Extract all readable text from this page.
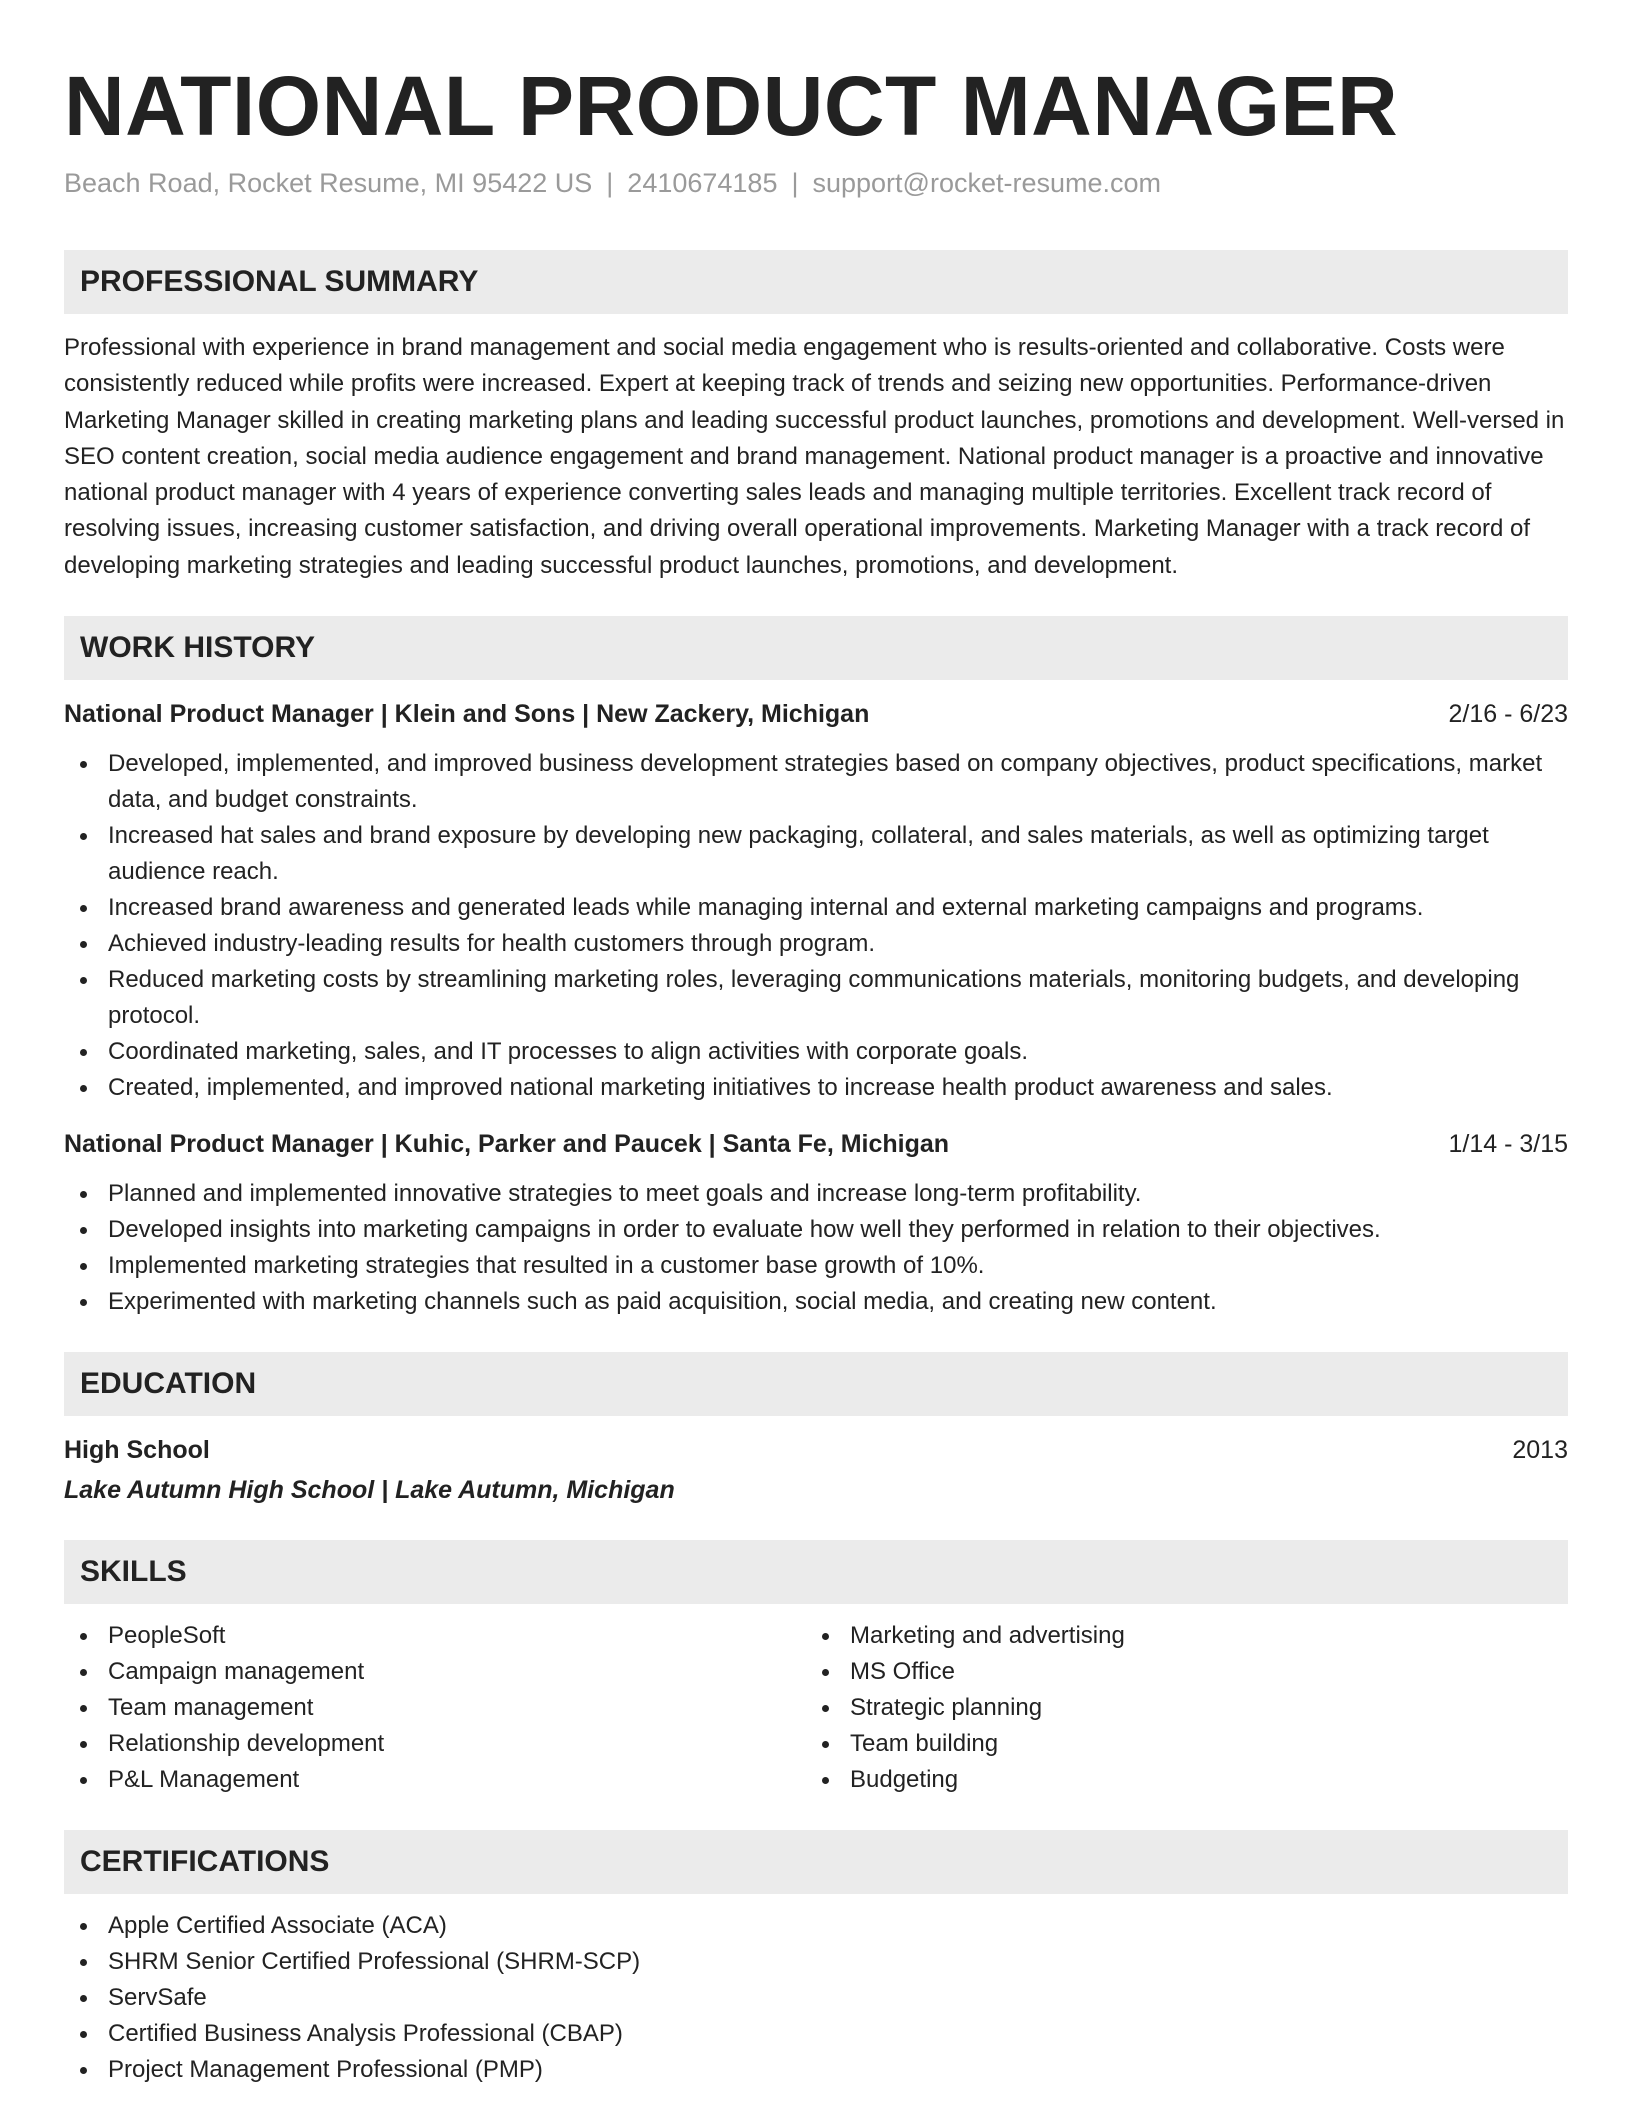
NATIONAL PRODUCT MANAGER
Beach Road, Rocket Resume, MI 95422 US | 2410674185 | support@rocket-resume.com
PROFESSIONAL SUMMARY
Professional with experience in brand management and social media engagement who is results-oriented and collaborative. Costs were consistently reduced while profits were increased. Expert at keeping track of trends and seizing new opportunities. Performance-driven Marketing Manager skilled in creating marketing plans and leading successful product launches, promotions and development. Well-versed in SEO content creation, social media audience engagement and brand management. National product manager is a proactive and innovative national product manager with 4 years of experience converting sales leads and managing multiple territories. Excellent track record of resolving issues, increasing customer satisfaction, and driving overall operational improvements. Marketing Manager with a track record of developing marketing strategies and leading successful product launches, promotions, and development.
WORK HISTORY
National Product Manager | Klein and Sons | New Zackery, Michigan	2/16 - 6/23
Developed, implemented, and improved business development strategies based on company objectives, product specifications, market data, and budget constraints.
Increased hat sales and brand exposure by developing new packaging, collateral, and sales materials, as well as optimizing target audience reach.
Increased brand awareness and generated leads while managing internal and external marketing campaigns and programs.
Achieved industry-leading results for health customers through program.
Reduced marketing costs by streamlining marketing roles, leveraging communications materials, monitoring budgets, and developing protocol.
Coordinated marketing, sales, and IT processes to align activities with corporate goals.
Created, implemented, and improved national marketing initiatives to increase health product awareness and sales.
National Product Manager | Kuhic, Parker and Paucek | Santa Fe, Michigan	1/14 - 3/15
Planned and implemented innovative strategies to meet goals and increase long-term profitability.
Developed insights into marketing campaigns in order to evaluate how well they performed in relation to their objectives.
Implemented marketing strategies that resulted in a customer base growth of 10%.
Experimented with marketing channels such as paid acquisition, social media, and creating new content.
EDUCATION
High School	2013
Lake Autumn High School | Lake Autumn, Michigan
SKILLS
PeopleSoft
Campaign management
Team management
Relationship development
P&L Management
Marketing and advertising
MS Office
Strategic planning
Team building
Budgeting
CERTIFICATIONS
Apple Certified Associate (ACA)
SHRM Senior Certified Professional (SHRM-SCP)
ServSafe
Certified Business Analysis Professional (CBAP)
Project Management Professional (PMP)
